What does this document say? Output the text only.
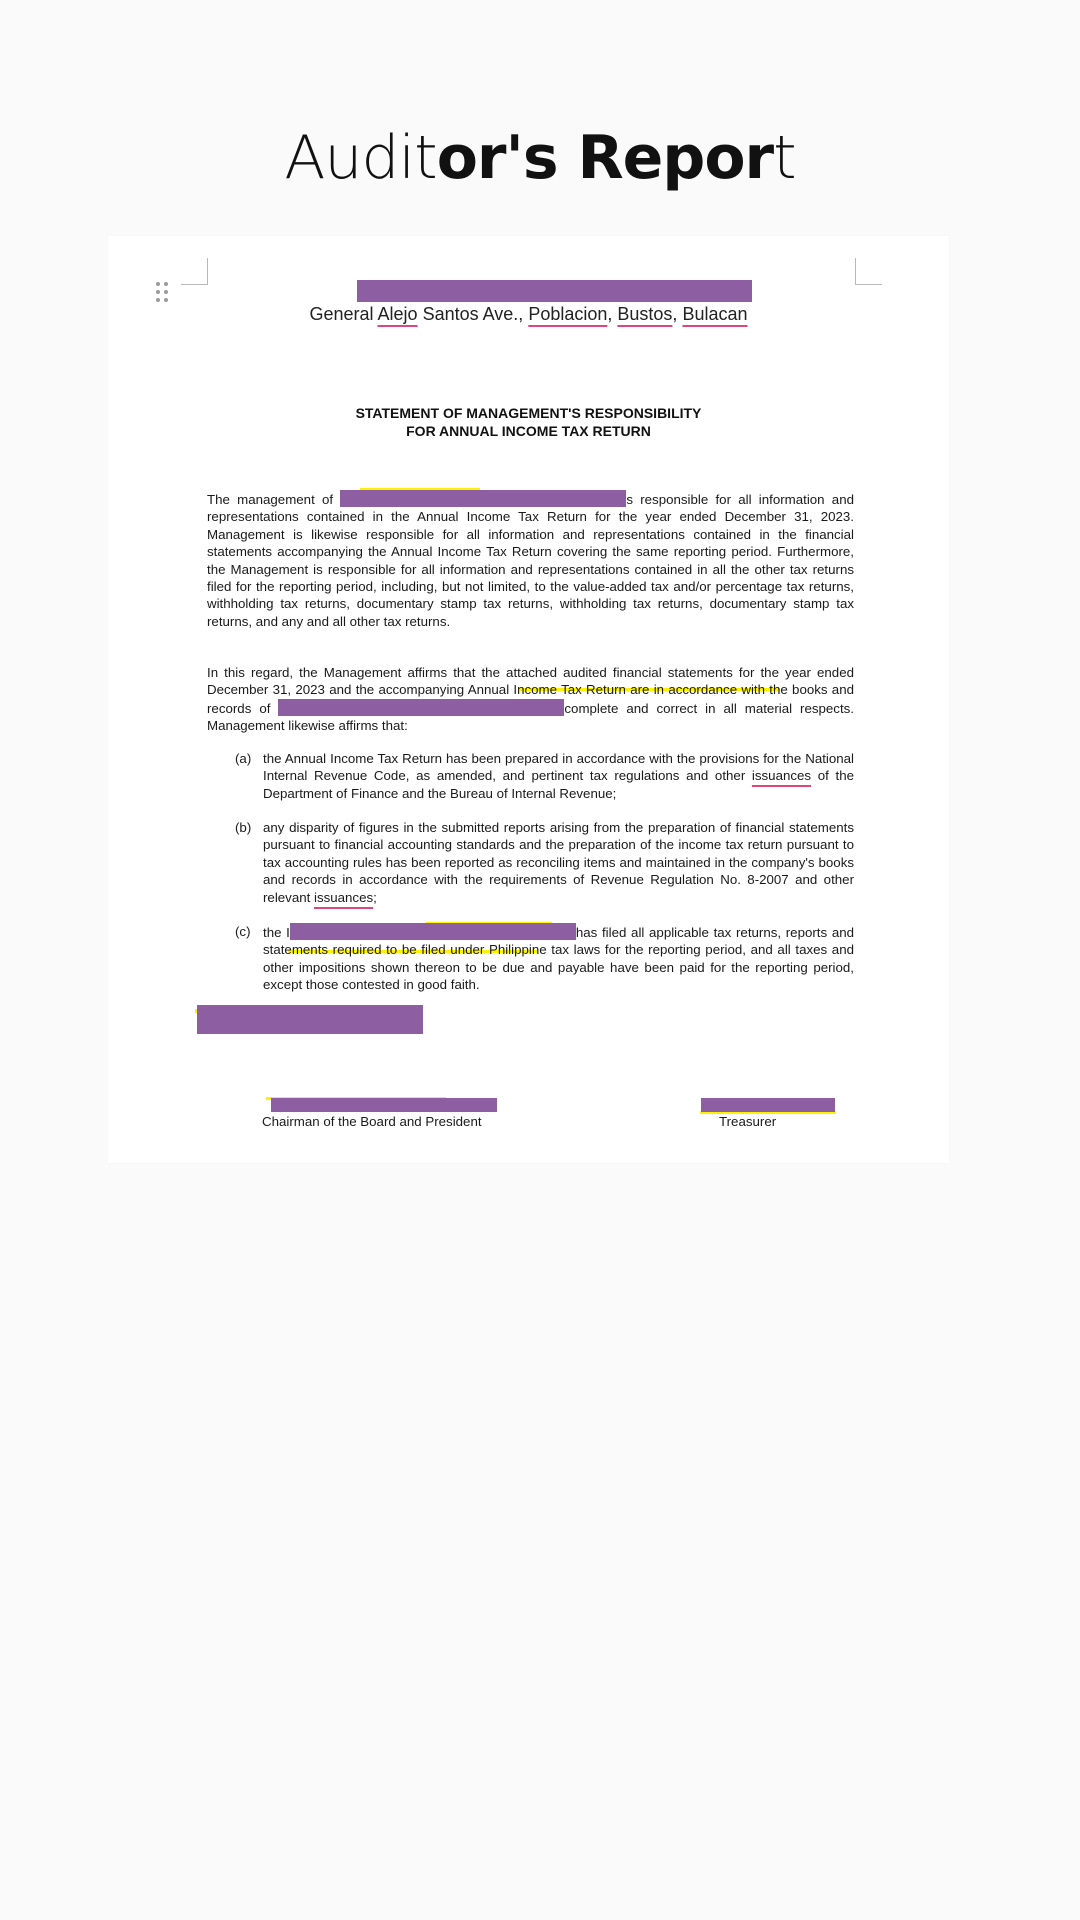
Auditor's Report
General Alejo Santos Ave., Poblacion, Bustos, Bulacan
STATEMENT OF MANAGEMENT'S RESPONSIBILITY
FOR ANNUAL INCOME TAX RETURN
The management of	s responsible for all information and representations contained in the Annual Income Tax Return for the year ended December 31, 2023. Management is likewise responsible for all information and representations contained in the financial statements accompanying the Annual Income Tax Return covering the same reporting period. Furthermore, the Management is responsible for all information and representations contained in all the other tax returns filed for the reporting period, including, but not limited, to the value-added tax and/or percentage tax returns, withholding tax returns, documentary stamp tax returns, withholding tax returns, documentary stamp tax returns, and any and all other tax returns.
In this regard, the Management affirms that the attached audited financial statements for the year ended December 31, 2023 and the accompanying Annual Income Tax Return are in accordance with the books and records of	complete and correct in all material respects. Management likewise affirms that:
(a) the Annual Income Tax Return has been prepared in accordance with the provisions for the National Internal Revenue Code, as amended, and pertinent tax regulations and other issuances of the Department of Finance and the Bureau of Internal Revenue;
(b) any disparity of figures in the submitted reports arising from the preparation of financial statements pursuant to financial accounting standards and the preparation of the income tax return pursuant to tax accounting rules has been reported as reconciling items and maintained in the company's books and records in accordance with the requirements of Revenue Regulation No. 8-2007 and other relevant issuances;
(c) the I	has filed all applicable tax returns, reports and statements required to be filed under Philippine tax laws for the reporting period, and all taxes and other impositions shown thereon to be due and payable have been paid for the reporting period, except those contested in good faith.
Chairman of the Board and President	Treasurer
